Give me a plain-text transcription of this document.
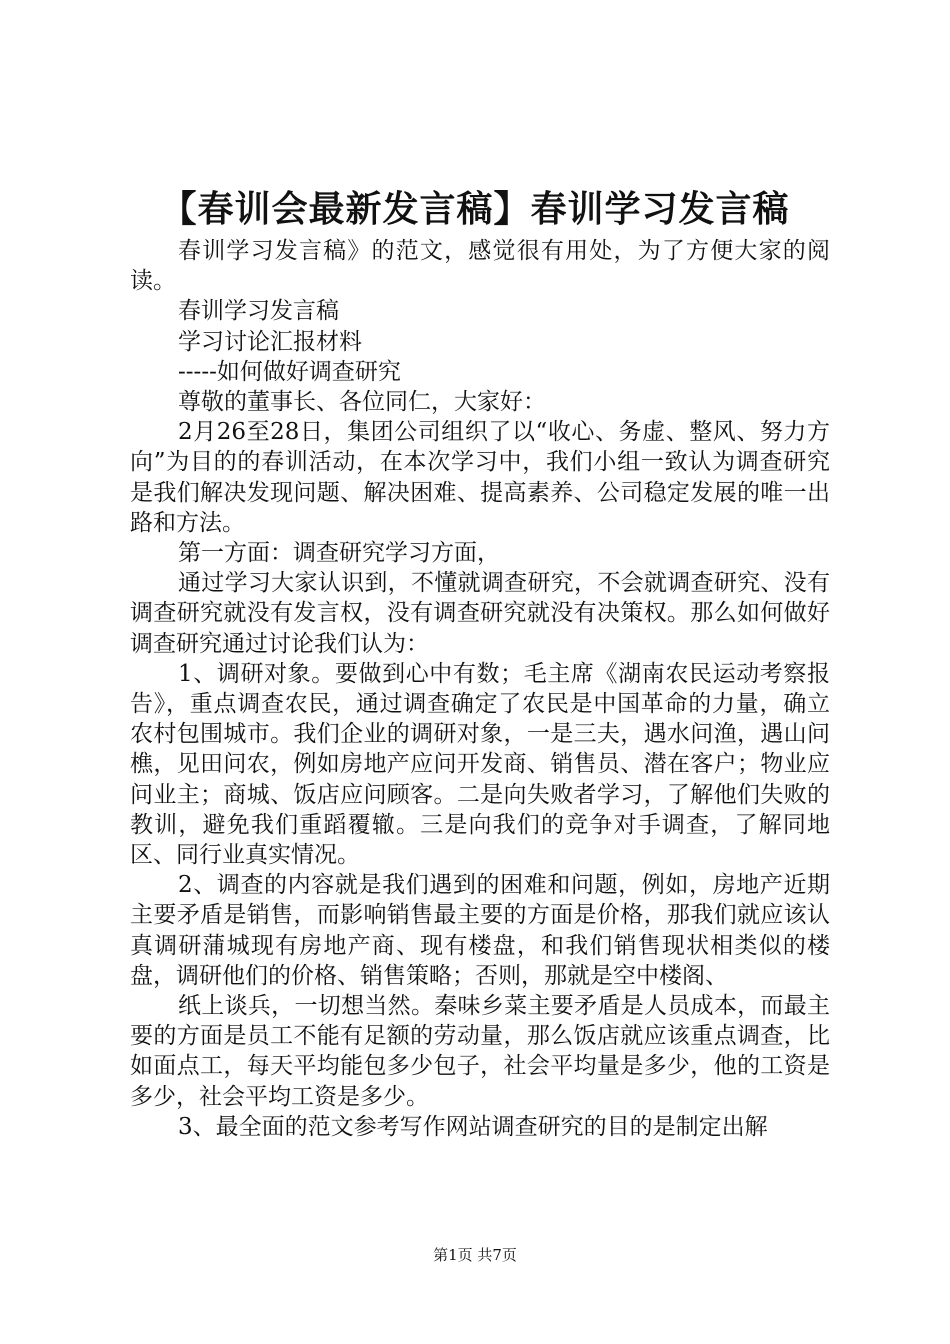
【春训会最新发言稿】春训学习发言稿

春训学习发言稿》的范文，感觉很有用处，为了方便大家的阅读。

春训学习发言稿

学习讨论汇报材料

-----如何做好调查研究

尊敬的董事长、各位同仁，大家好：

2月26至28日，集团公司组织了以“收心、务虚、整风、努力方向”为目的的春训活动，在本次学习中，我们小组一致认为调查研究是我们解决发现问题、解决困难、提高素养、公司稳定发展的唯一出路和方法。

第一方面：调查研究学习方面，

通过学习大家认识到，不懂就调查研究，不会就调查研究、没有调查研究就没有发言权，没有调查研究就没有决策权。那么如何做好调查研究通过讨论我们认为：

1、调研对象。要做到心中有数；毛主席《湖南农民运动考察报告》，重点调查农民，通过调查确定了农民是中国革命的力量，确立农村包围城市。我们企业的调研对象，一是三夫，遇水问渔，遇山问樵，见田问农，例如房地产应问开发商、销售员、潜在客户；物业应问业主；商城、饭店应问顾客。二是向失败者学习，了解他们失败的教训，避免我们重蹈覆辙。三是向我们的竞争对手调查，了解同地区、同行业真实情况。

2、调查的内容就是我们遇到的困难和问题，例如，房地产近期主要矛盾是销售，而影响销售最主要的方面是价格，那我们就应该认真调研蒲城现有房地产商、现有楼盘，和我们销售现状相类似的楼盘，调研他们的价格、销售策略；否则，那就是空中楼阁、

纸上谈兵，一切想当然。秦味乡菜主要矛盾是人员成本，而最主要的方面是员工不能有足额的劳动量，那么饭店就应该重点调查，比如面点工，每天平均能包多少包子，社会平均量是多少，他的工资是多少，社会平均工资是多少。

3、最全面的范文参考写作网站调查研究的目的是制定出解

第1页 共7页
